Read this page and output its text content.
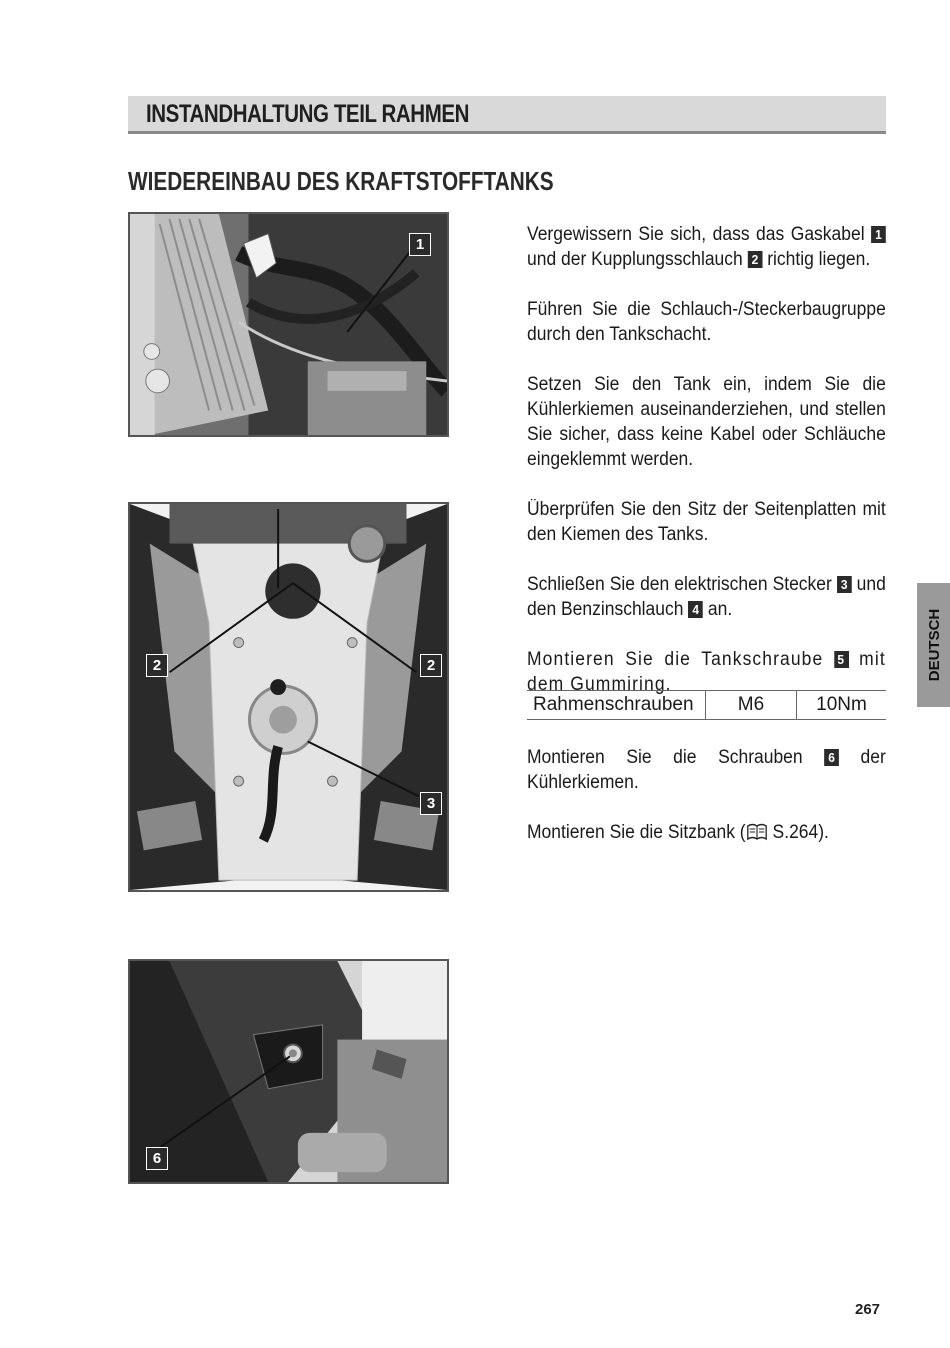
INSTANDHALTUNG TEIL RAHMEN
WIEDEREINBAU DES KRAFTSTOFFTANKS
1
2	2
3
6

Vergewissern Sie sich, dass das Gaskabel 1 und der Kupplungsschlauch 2 richtig liegen.

Führen Sie die Schlauch-/Steckerbaugruppe durch den Tankschacht.

Setzen Sie den Tank ein, indem Sie die Kühlerkiemen auseinanderziehen, und stellen Sie sicher, dass keine Kabel oder Schläuche eingeklemmt werden.

Überprüfen Sie den Sitz der Seitenplatten mit den Kiemen des Tanks.

Schließen Sie den elektrischen Stecker 3 und den Benzinschlauch 4 an.

Montieren Sie die Tankschraube 5 mit dem Gummiring.

Rahmenschrauben	M6	10Nm

Montieren Sie die Schrauben 6 der Kühlerkiemen.

Montieren Sie die Sitzbank ( S.264).

DEUTSCH
267
